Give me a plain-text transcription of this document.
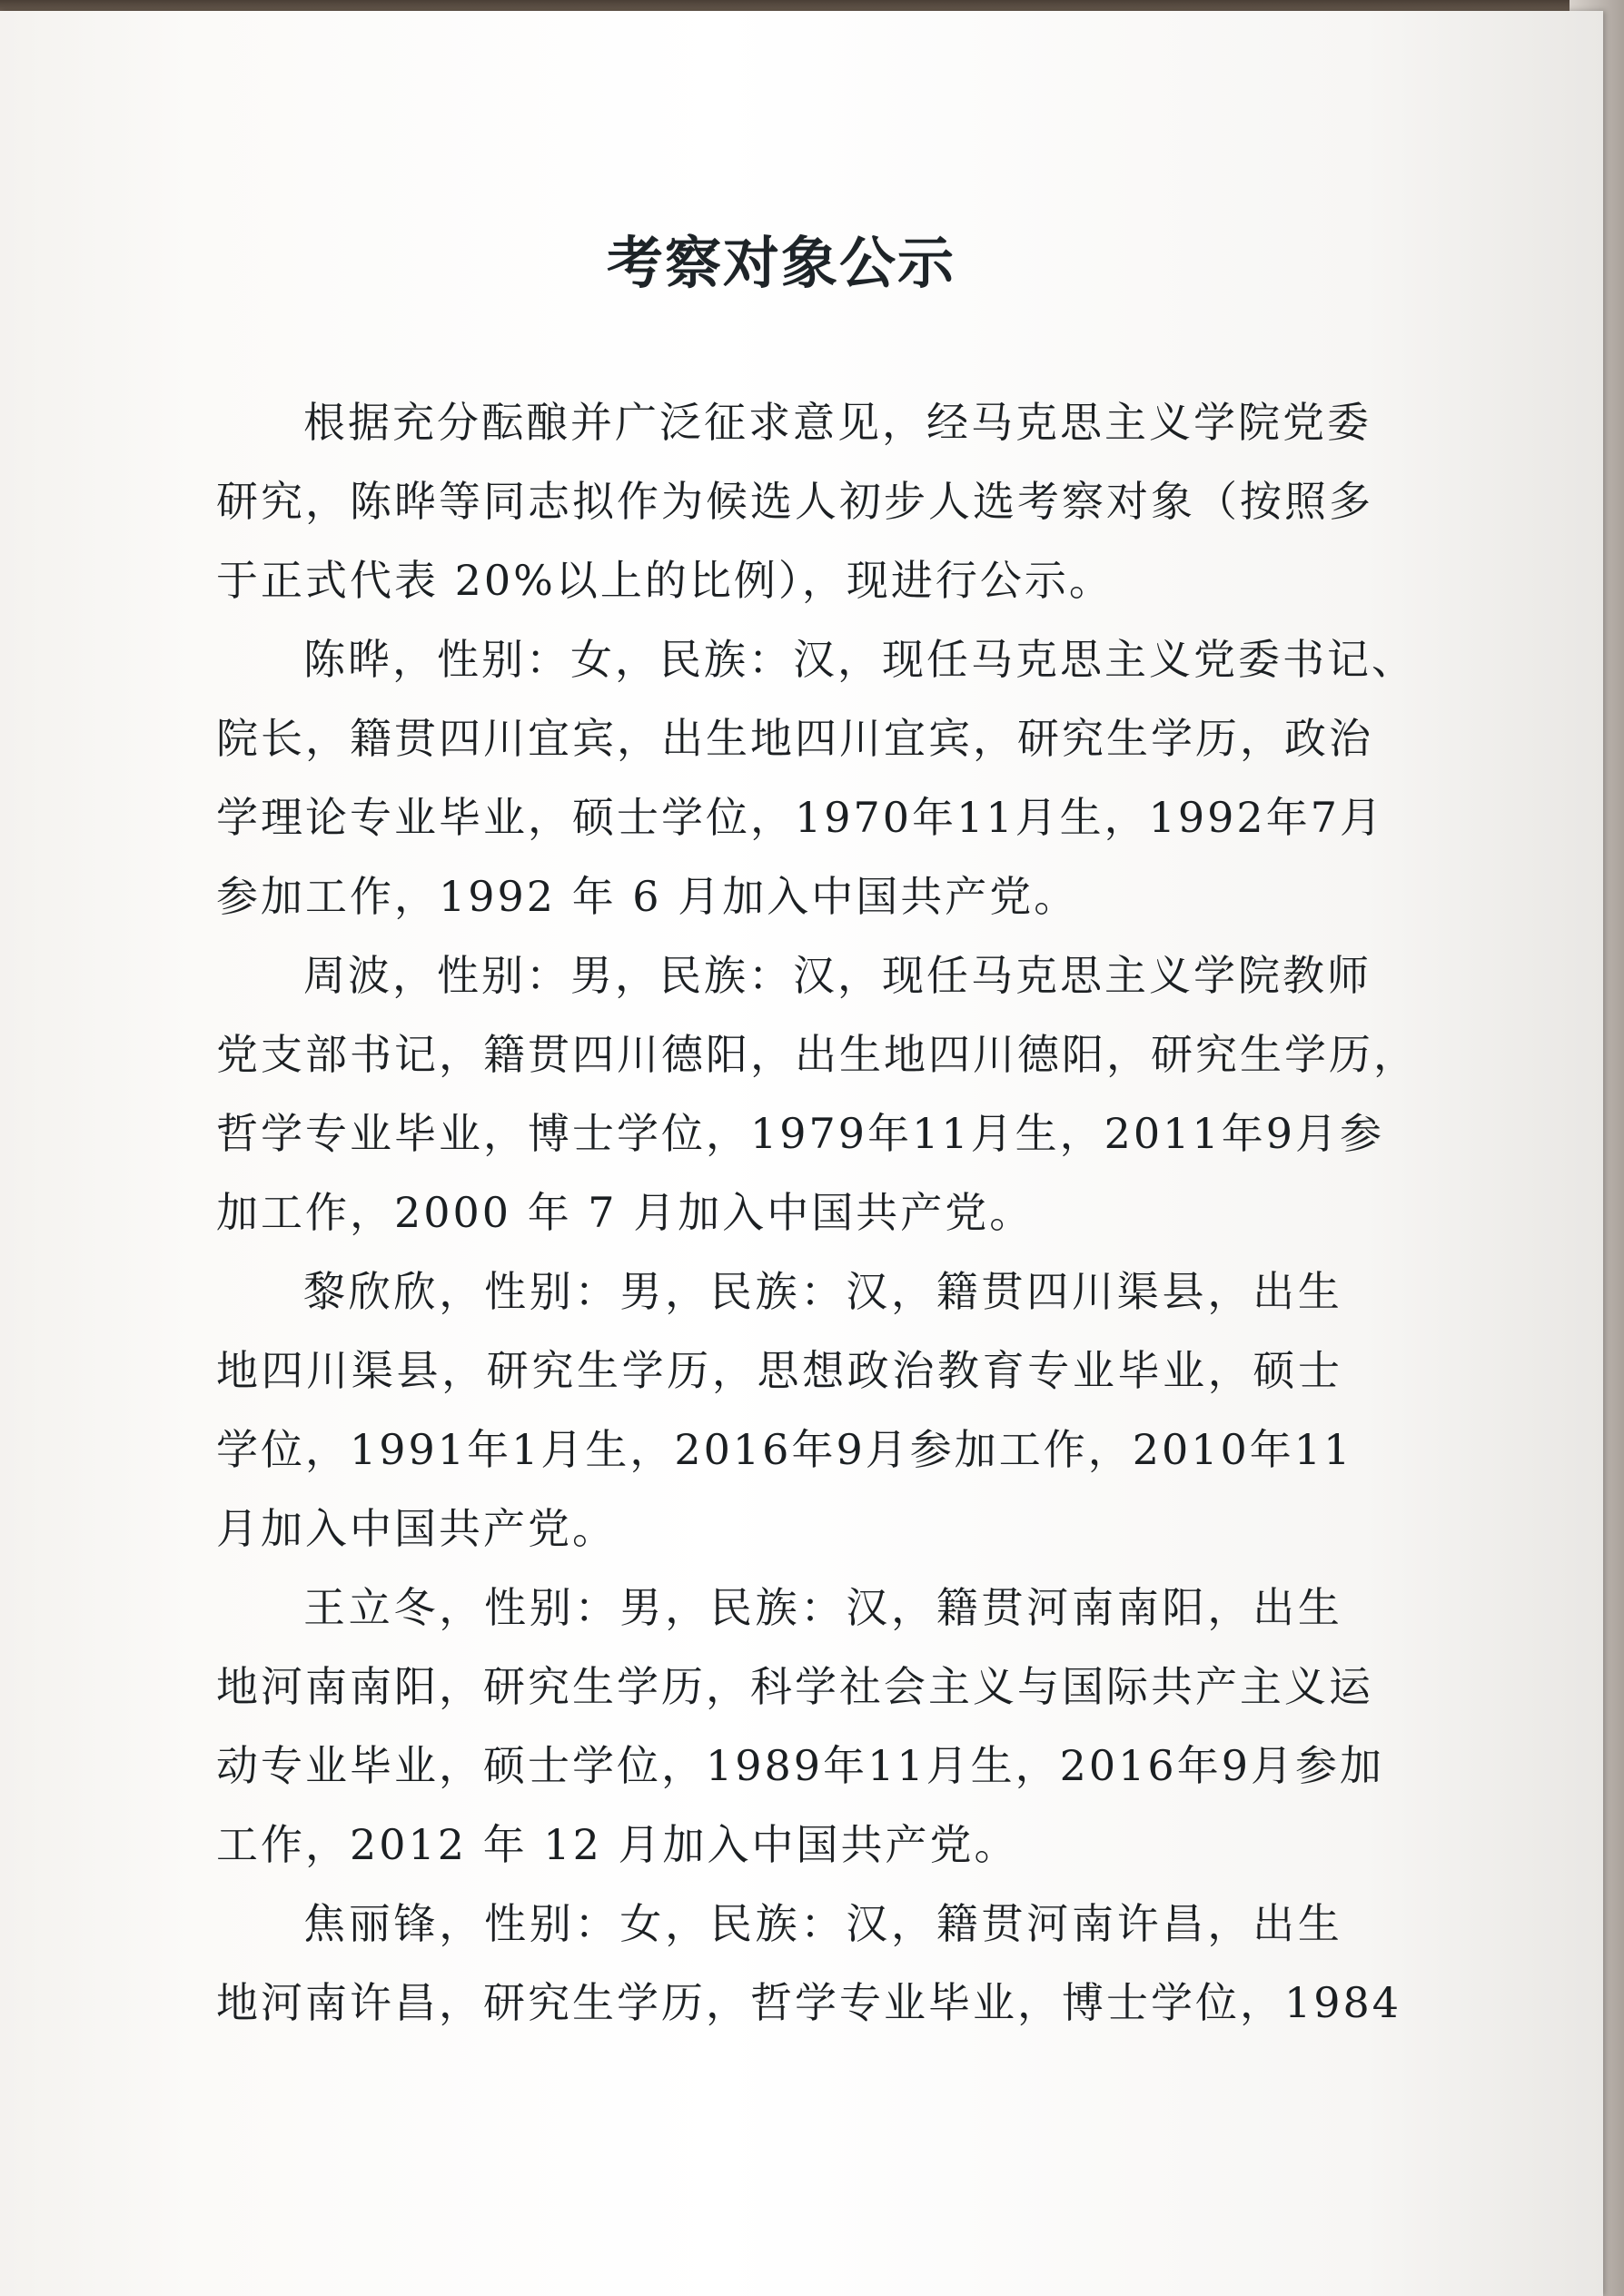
考察对象公示
根 据 充 分 酝 酿 并 广 泛 征 求 意 见 ， 经 马 克 思 主 义 学 院 党 委
研 究 ， 陈 晔 等 同 志 拟 作 为 候 选 人 初 步 人 选 考 察 对 象 （ 按 照 多
于正式代表 20%以上的比例），现进行公示。
陈 晔 ， 性 别 ： 女 ， 民 族 ： 汉 ， 现 任 马 克 思 主 义 党 委 书 记 、
院 长 ， 籍 贯 四 川 宜 宾 ， 出 生 地 四 川 宜 宾 ， 研 究 生 学 历 ， 政 治
学 理 论 专 业 毕 业 ， 硕 士 学 位 ， 1970 年 11 月 生 ， 1992 年 7 月
参加工作，1992 年 6 月加入中国共产党。
周 波 ， 性 别 ： 男 ， 民 族 ： 汉 ， 现 任 马 克 思 主 义 学 院 教 师
党 支 部 书 记 ， 籍 贯 四 川 德 阳 ， 出 生 地 四 川 德 阳 ， 研 究 生 学 历 ，
哲 学 专 业 毕 业 ， 博 士 学 位 ， 1979 年 11 月 生 ， 2011 年 9 月 参
加工作，2000 年 7 月加入中国共产党。
黎 欣 欣 ， 性 别 ： 男 ， 民 族 ： 汉 ， 籍 贯 四 川 渠 县 ， 出 生
地 四 川 渠 县 ， 研 究 生 学 历 ， 思 想 政 治 教 育 专 业 毕 业 ， 硕 士
学 位 ， 1991 年 1 月 生 ， 2016 年 9 月 参 加 工 作 ， 2010 年 11
月加入中国共产党。
王 立 冬 ， 性 别 ： 男 ， 民 族 ： 汉 ， 籍 贯 河 南 南 阳 ， 出 生
地 河 南 南 阳 ， 研 究 生 学 历 ， 科 学 社 会 主 义 与 国 际 共 产 主 义 运
动 专 业 毕 业 ， 硕 士 学 位 ， 1989 年 11 月 生 ， 2016 年 9 月 参 加
工作，2012 年 12 月加入中国共产党。
焦 丽 锋 ， 性 别 ： 女 ， 民 族 ： 汉 ， 籍 贯 河 南 许 昌 ， 出 生
地 河 南 许 昌 ， 研 究 生 学 历 ， 哲 学 专 业 毕 业 ， 博 士 学 位 ， 1984
